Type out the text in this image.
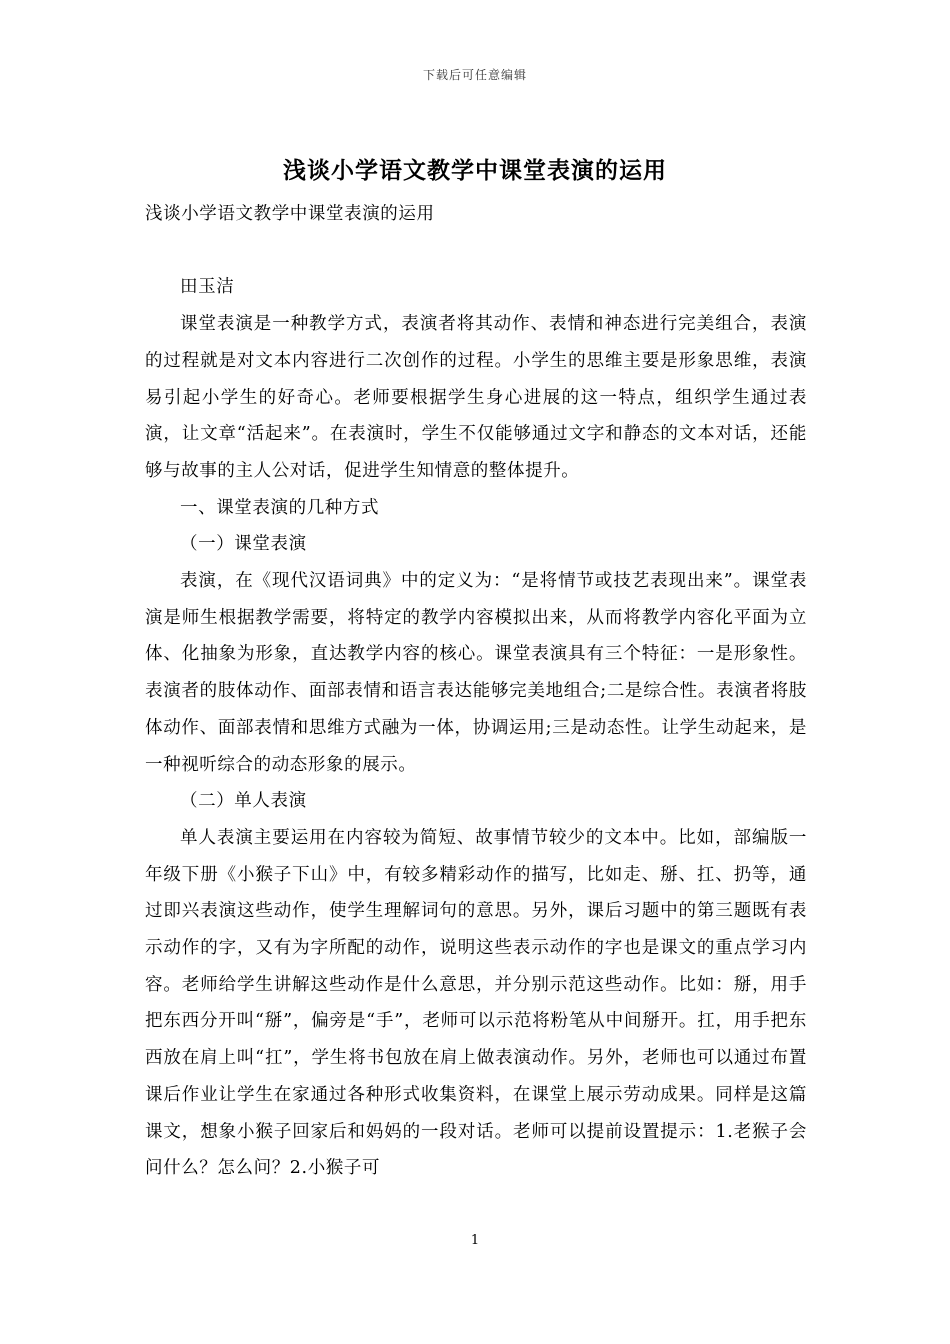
下载后可任意编辑
浅谈小学语文教学中课堂表演的运用

浅谈小学语文教学中课堂表演的运用

田玉洁

课堂表演是一种教学方式，表演者将其动作、表情和神态进行完美组合，表演的过程就是对文本内容进行二次创作的过程。小学生的思维主要是形象思维，表演易引起小学生的好奇心。老师要根据学生身心进展的这一特点，组织学生通过表演，让文章“活起来”。在表演时，学生不仅能够通过文字和静态的文本对话，还能够与故事的主人公对话，促进学生知情意的整体提升。

一、课堂表演的几种方式

（一）课堂表演

表演，在《现代汉语词典》中的定义为：“是将情节或技艺表现出来”。课堂表演是师生根据教学需要，将特定的教学内容模拟出来，从而将教学内容化平面为立体、化抽象为形象，直达教学内容的核心。课堂表演具有三个特征：一是形象性。表演者的肢体动作、面部表情和语言表达能够完美地组合;二是综合性。表演者将肢体动作、面部表情和思维方式融为一体，协调运用;三是动态性。让学生动起来，是一种视听综合的动态形象的展示。

（二）单人表演

单人表演主要运用在内容较为简短、故事情节较少的文本中。比如，部编版一年级下册《小猴子下山》中，有较多精彩动作的描写，比如走、掰、扛、扔等，通过即兴表演这些动作，使学生理解词句的意思。另外，课后习题中的第三题既有表示动作的字，又有为字所配的动作，说明这些表示动作的字也是课文的重点学习内容。老师给学生讲解这些动作是什么意思，并分别示范这些动作。比如：掰，用手把东西分开叫“掰”，偏旁是“手”，老师可以示范将粉笔从中间掰开。扛，用手把东西放在肩上叫“扛”，学生将书包放在肩上做表演动作。另外，老师也可以通过布置课后作业让学生在家通过各种形式收集资料，在课堂上展示劳动成果。同样是这篇课文，想象小猴子回家后和妈妈的一段对话。老师可以提前设置提示：1.老猴子会问什么？怎么问？2.小猴子可

1
